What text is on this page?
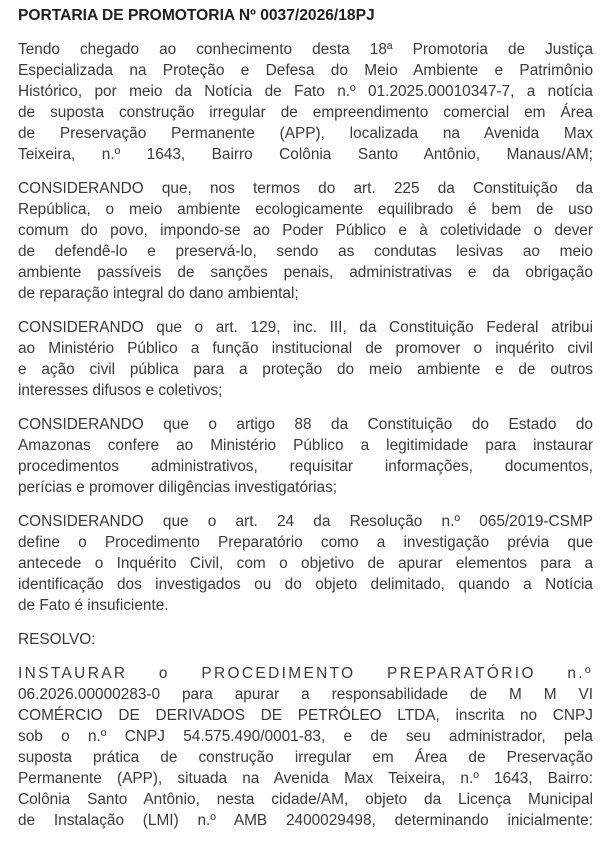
PORTARIA DE PROMOTORIA Nº 0037/2026/18PJ
Tendo chegado ao conhecimento desta 18ª Promotoria de Justiça
Especializada na Proteção e Defesa do Meio Ambiente e Patrimônio
Histórico, por meio da Notícia de Fato n.º 01.2025.00010347-7, a notícia
de suposta construção irregular de empreendimento comercial em Área
de Preservação Permanente (APP), localizada na Avenida Max
Teixeira, n.º 1643, Bairro Colônia Santo Antônio, Manaus/AM;
CONSIDERANDO que, nos termos do art. 225 da Constituição da
República, o meio ambiente ecologicamente equilibrado é bem de uso
comum do povo, impondo-se ao Poder Público e à coletividade o dever
de defendê-lo e preservá-lo, sendo as condutas lesivas ao meio
ambiente passíveis de sanções penais, administrativas e da obrigação
de reparação integral do dano ambiental;
CONSIDERANDO que o art. 129, inc. III, da Constituição Federal atribui
ao Ministério Público a função institucional de promover o inquérito civil
e ação civil pública para a proteção do meio ambiente e de outros
interesses difusos e coletivos;
CONSIDERANDO que o artigo 88 da Constituição do Estado do
Amazonas confere ao Ministério Público a legitimidade para instaurar
procedimentos administrativos, requisitar informações, documentos,
perícias e promover diligências investigatórias;
CONSIDERANDO que o art. 24 da Resolução n.º 065/2019-CSMP
define o Procedimento Preparatório como a investigação prévia que
antecede o Inquérito Civil, com o objetivo de apurar elementos para a
identificação dos investigados ou do objeto delimitado, quando a Notícia
de Fato é insuficiente.
RESOLVO:
INSTAURAR o PROCEDIMENTO PREPARATÓRIO n.º
06.2026.00000283-0 para apurar a responsabilidade de M M VI
COMÉRCIO DE DERIVADOS DE PETRÓLEO LTDA, inscrita no CNPJ
sob o n.º CNPJ 54.575.490/0001-83, e de seu administrador, pela
suposta prática de construção irregular em Área de Preservação
Permanente (APP), situada na Avenida Max Teixeira, n.º 1643, Bairro:
Colônia Santo Antônio, nesta cidade/AM, objeto da Licença Municipal
de Instalação (LMI) n.º AMB 2400029498, determinando inicialmente:
